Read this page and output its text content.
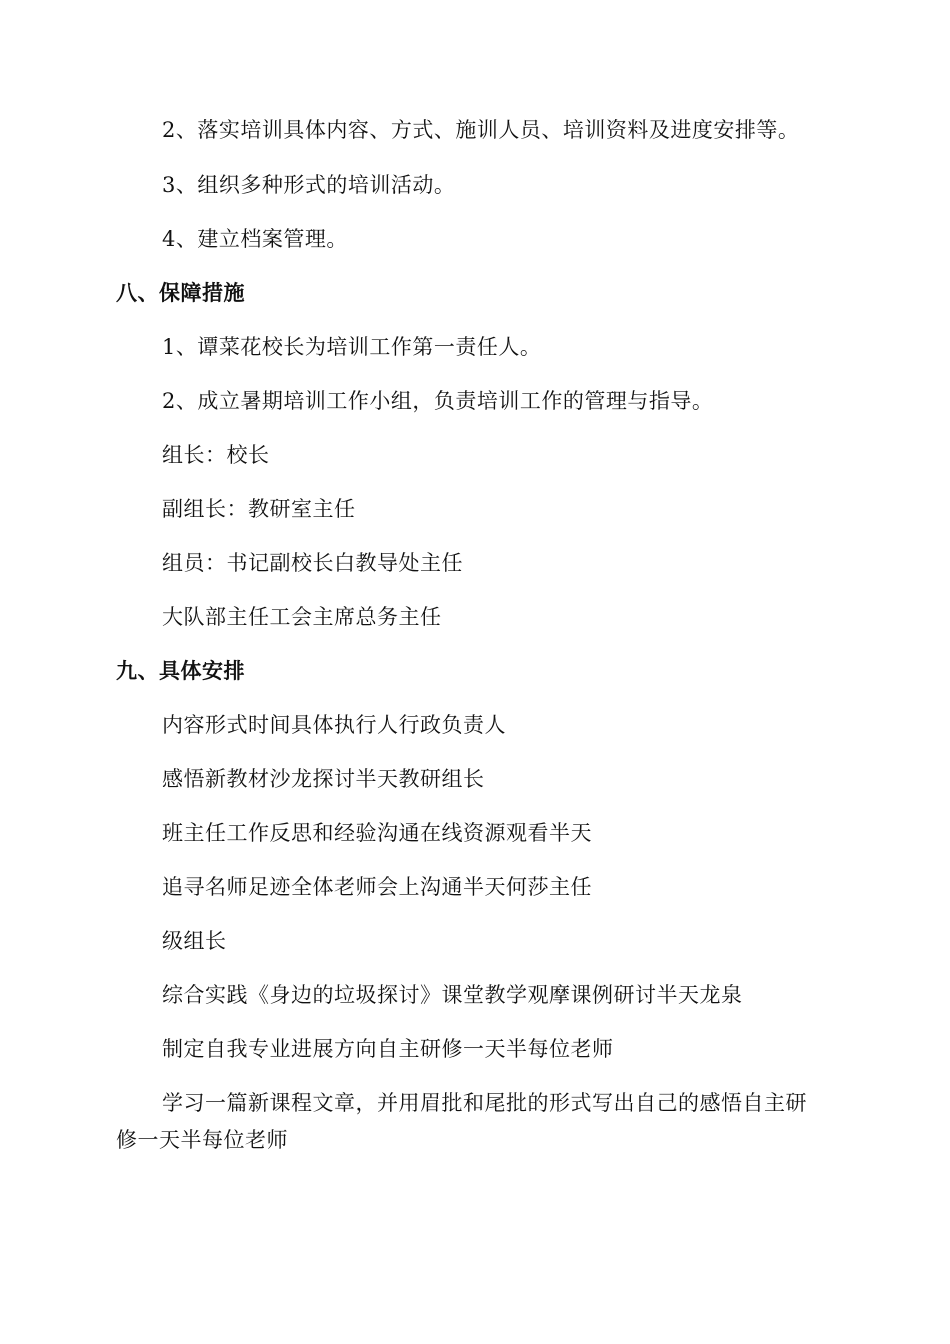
2、落实培训具体内容、方式、施训人员、培训资料及进度安排等。
3、组织多种形式的培训活动。
4、建立档案管理。
八、保障措施
1、谭菜花校长为培训工作第一责任人。
2、成立暑期培训工作小组，负责培训工作的管理与指导。
组长：校长
副组长：教研室主任
组员：书记副校长白教导处主任
大队部主任工会主席总务主任
九、具体安排
内容形式时间具体执行人行政负责人
感悟新教材沙龙探讨半天教研组长
班主任工作反思和经验沟通在线资源观看半天
追寻名师足迹全体老师会上沟通半天何莎主任
级组长
综合实践《身边的垃圾探讨》课堂教学观摩课例研讨半天龙泉
制定自我专业进展方向自主研修一天半每位老师
学习一篇新课程文章，并用眉批和尾批的形式写出自己的感悟自主研
修一天半每位老师
